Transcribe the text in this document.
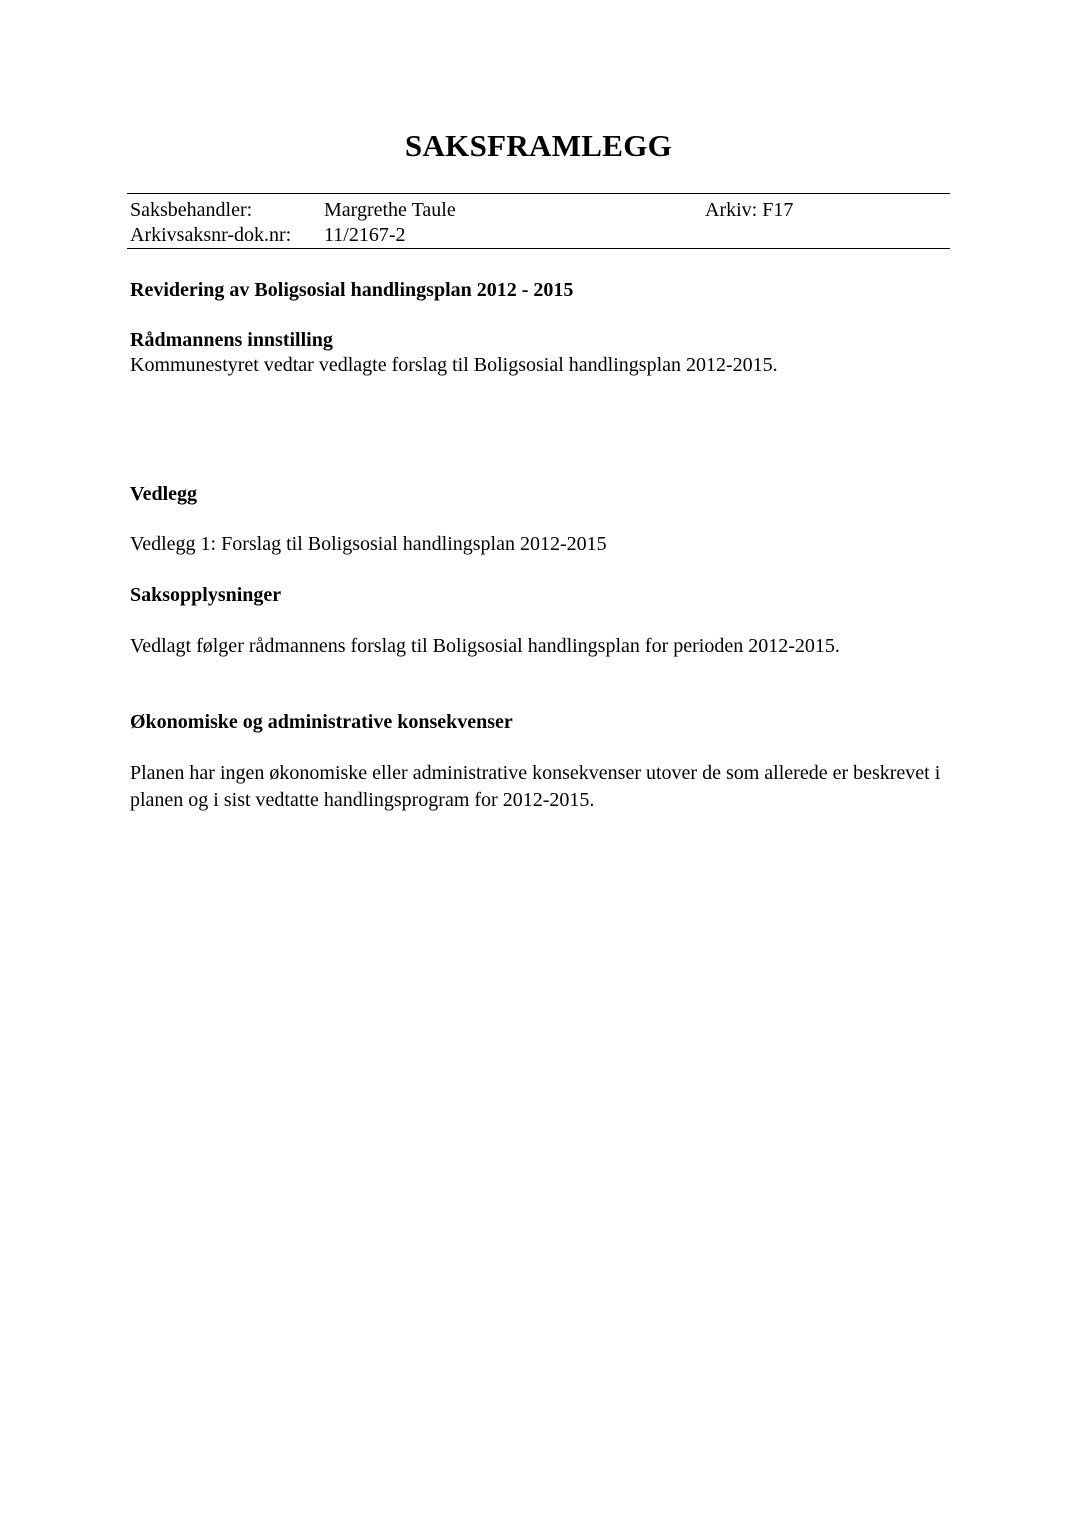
SAKSFRAMLEGG
Saksbehandler:	Margrethe Taule	Arkiv: F17
Arkivsaksnr-dok.nr: 11/2167-2

Revidering av Boligsosial handlingsplan 2012 - 2015

Rådmannens innstilling

Kommunestyret vedtar vedlagte forslag til Boligsosial handlingsplan 2012-2015.

Vedlegg

Vedlegg 1: Forslag til Boligsosial handlingsplan 2012-2015

Saksopplysninger

Vedlagt følger rådmannens forslag til Boligsosial handlingsplan for perioden 2012-2015.

Økonomiske og administrative konsekvenser

Planen har ingen økonomiske eller administrative konsekvenser utover de som allerede er beskrevet i planen og i sist vedtatte handlingsprogram for 2012-2015.
